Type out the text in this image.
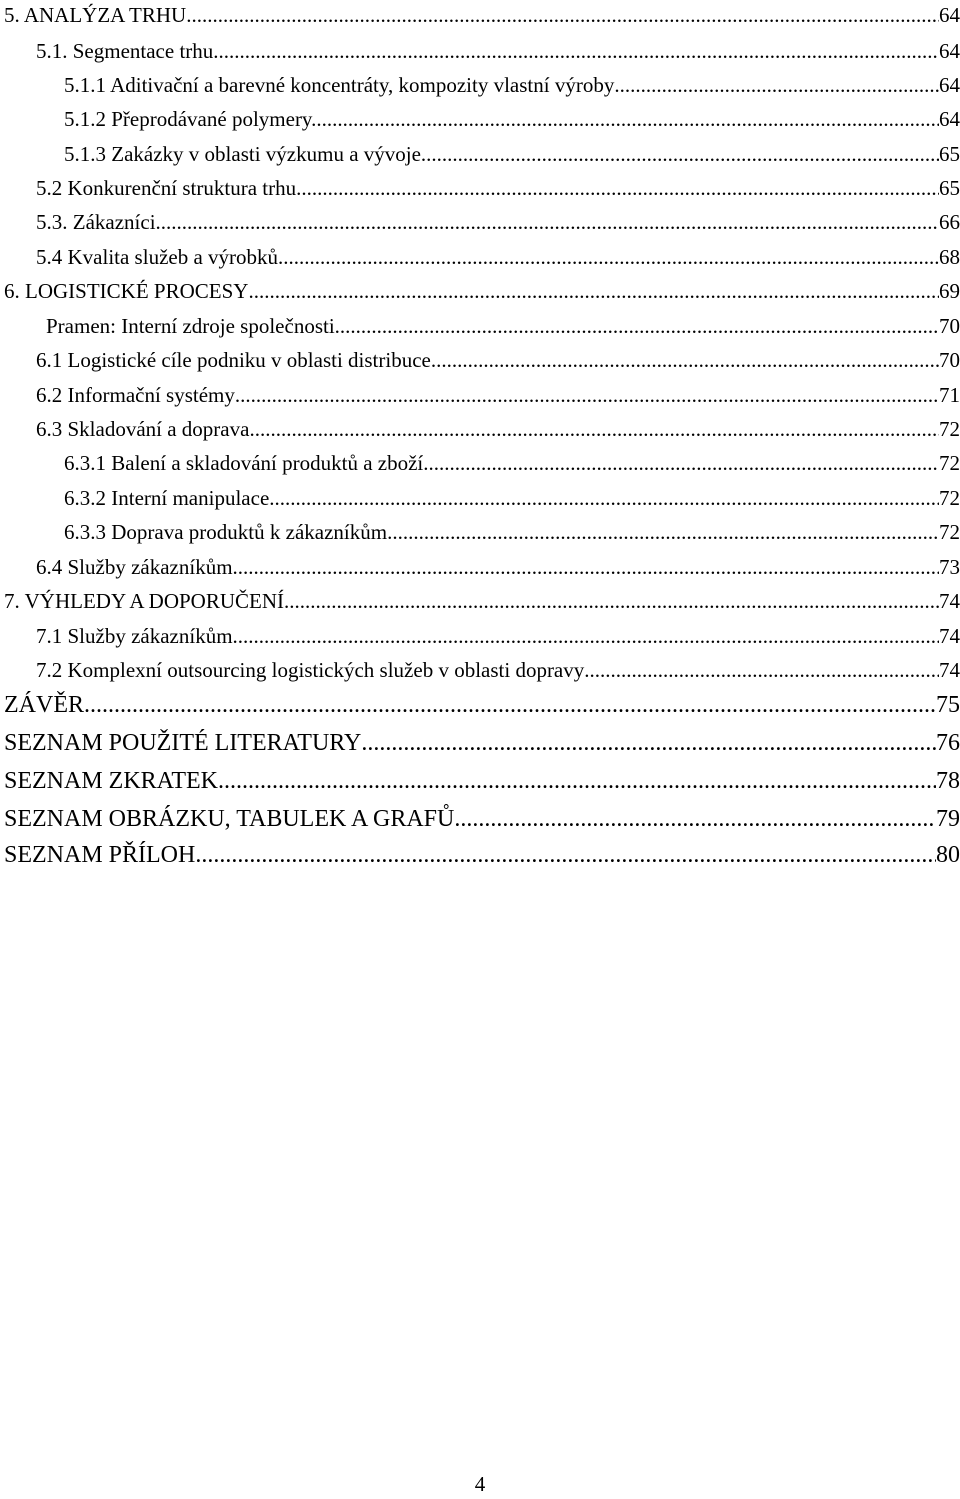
5. ANALÝZA TRHU .....	64
5.1. Segmentace trhu. .....	64
5.1.1 Aditivační a barevné koncentráty, kompozity vlastní výroby .....	64
5.1.2 Přeprodávané polymery. .....	64
5.1.3 Zakázky v oblasti výzkumu a vývoje .....	65
5.2 Konkurenční struktura trhu .....	65
5.3. Zákazníci .....	66
5.4 Kvalita služeb a výrobků .....	68
6. LOGISTICKÉ PROCESY .....	69
Pramen: Interní zdroje společnosti .....	70
6.1 Logistické cíle podniku v oblasti distribuce .....	70
6.2 Informační systémy .....	71
6.3 Skladování a doprava .....	72
6.3.1 Balení a skladování produktů a zboží .....	72
6.3.2 Interní manipulace .....	72
6.3.3 Doprava produktů k zákazníkům .....	72
6.4 Služby zákazníkům .....	73
7. VÝHLEDY A DOPORUČENÍ .....	74
7.1 Služby zákazníkům .....	74
7.2 Komplexní outsourcing logistických služeb v oblasti dopravy .....	74
ZÁVĚR .....	75
SEZNAM POUŽITÉ LITERATURY .....	76
SEZNAM ZKRATEK .....	78
SEZNAM OBRÁZKU, TABULEK A GRAFŮ .....	79
SEZNAM PŘÍLOH .....	80
4
